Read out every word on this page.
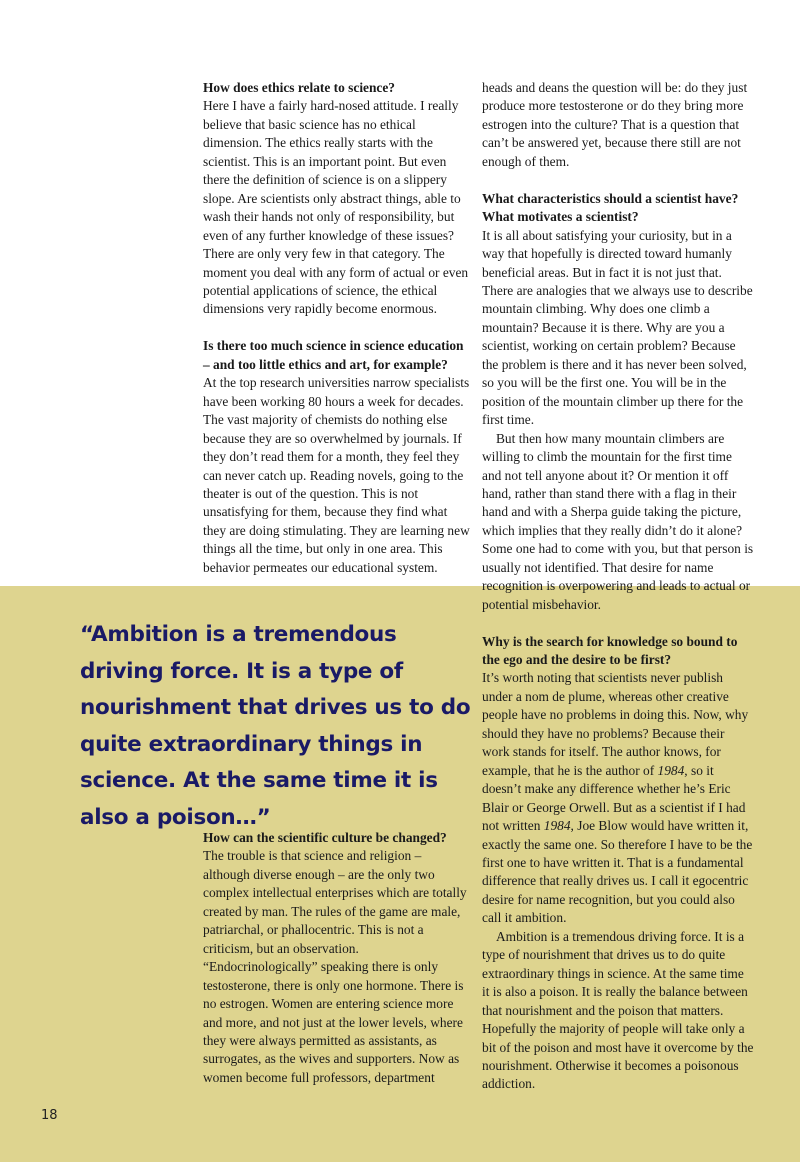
How does ethics relate to science?

Here I have a fairly hard-nosed attitude. I really believe that basic science has no ethical dimension. The ethics really starts with the scientist. This is an important point. But even there the definition of science is on a slippery slope. Are scientists only abstract things, able to wash their hands not only of responsibility, but even of any further knowledge of these issues? There are only very few in that category. The moment you deal with any form of actual or even potential applications of science, the ethical dimensions very rapidly become enormous.

Is there too much science in science education – and too little ethics and art, for example?

At the top research universities narrow specialists have been working 80 hours a week for decades. The vast majority of chemists do nothing else because they are so overwhelmed by journals. If they don’t read them for a month, they feel they can never catch up. Reading novels, going to the theater is out of the question. This is not unsatisfying for them, because they find what they are doing stimulating. They are learning new things all the time, but only in one area. This behavior permeates our educational system.

“Ambition is a tremendous driving force. It is a type of nourishment that drives us to do quite extraordinary things in science. At the same time it is also a poison…”
How can the scientific culture be changed?

The trouble is that science and religion – although diverse enough – are the only two complex intellectual enterprises which are totally created by man. The rules of the game are male, patriarchal, or phallocentric. This is not a criticism, but an observation. “Endocrinologically” speaking there is only testosterone, there is only one hormone. There is no estrogen. Women are entering science more and more, and not just at the lower levels, where they were always permitted as assistants, as surrogates, as the wives and supporters. Now as women become full professors, department

heads and deans the question will be: do they just produce more testosterone or do they bring more estrogen into the culture? That is a question that can’t be answered yet, because there still are not enough of them.

What characteristics should a scientist have? What motivates a scientist?

It is all about satisfying your curiosity, but in a way that hopefully is directed toward humanly beneficial areas. But in fact it is not just that. There are analogies that we always use to describe mountain climbing. Why does one climb a mountain? Because it is there. Why are you a scientist, working on certain problem? Because the problem is there and it has never been solved, so you will be the first one. You will be in the position of the mountain climber up there for the first time.

But then how many mountain climbers are willing to climb the mountain for the first time and not tell anyone about it? Or mention it off hand, rather than stand there with a flag in their hand and with a Sherpa guide taking the picture, which implies that they really didn’t do it alone? Some one had to come with you, but that person is usually not identified. That desire for name recognition is overpowering and leads to actual or potential misbehavior.

Why is the search for knowledge so bound to the ego and the desire to be first?

It’s worth noting that scientists never publish under a nom de plume, whereas other creative people have no problems in doing this. Now, why should they have no problems? Because their work stands for itself. The author knows, for example, that he is the author of 1984, so it doesn’t make any difference whether he’s Eric Blair or George Orwell. But as a scientist if I had not written 1984, Joe Blow would have written it, exactly the same one. So therefore I have to be the first one to have written it. That is a fundamental difference that really drives us. I call it egocentric desire for name recognition, but you could also call it ambition.

Ambition is a tremendous driving force. It is a type of nourishment that drives us to do quite extraordinary things in science. At the same time it is also a poison. It is really the balance between that nourishment and the poison that matters. Hopefully the majority of people will take only a bit of the poison and most have it overcome by the nourishment. Otherwise it becomes a poisonous addiction.

18
